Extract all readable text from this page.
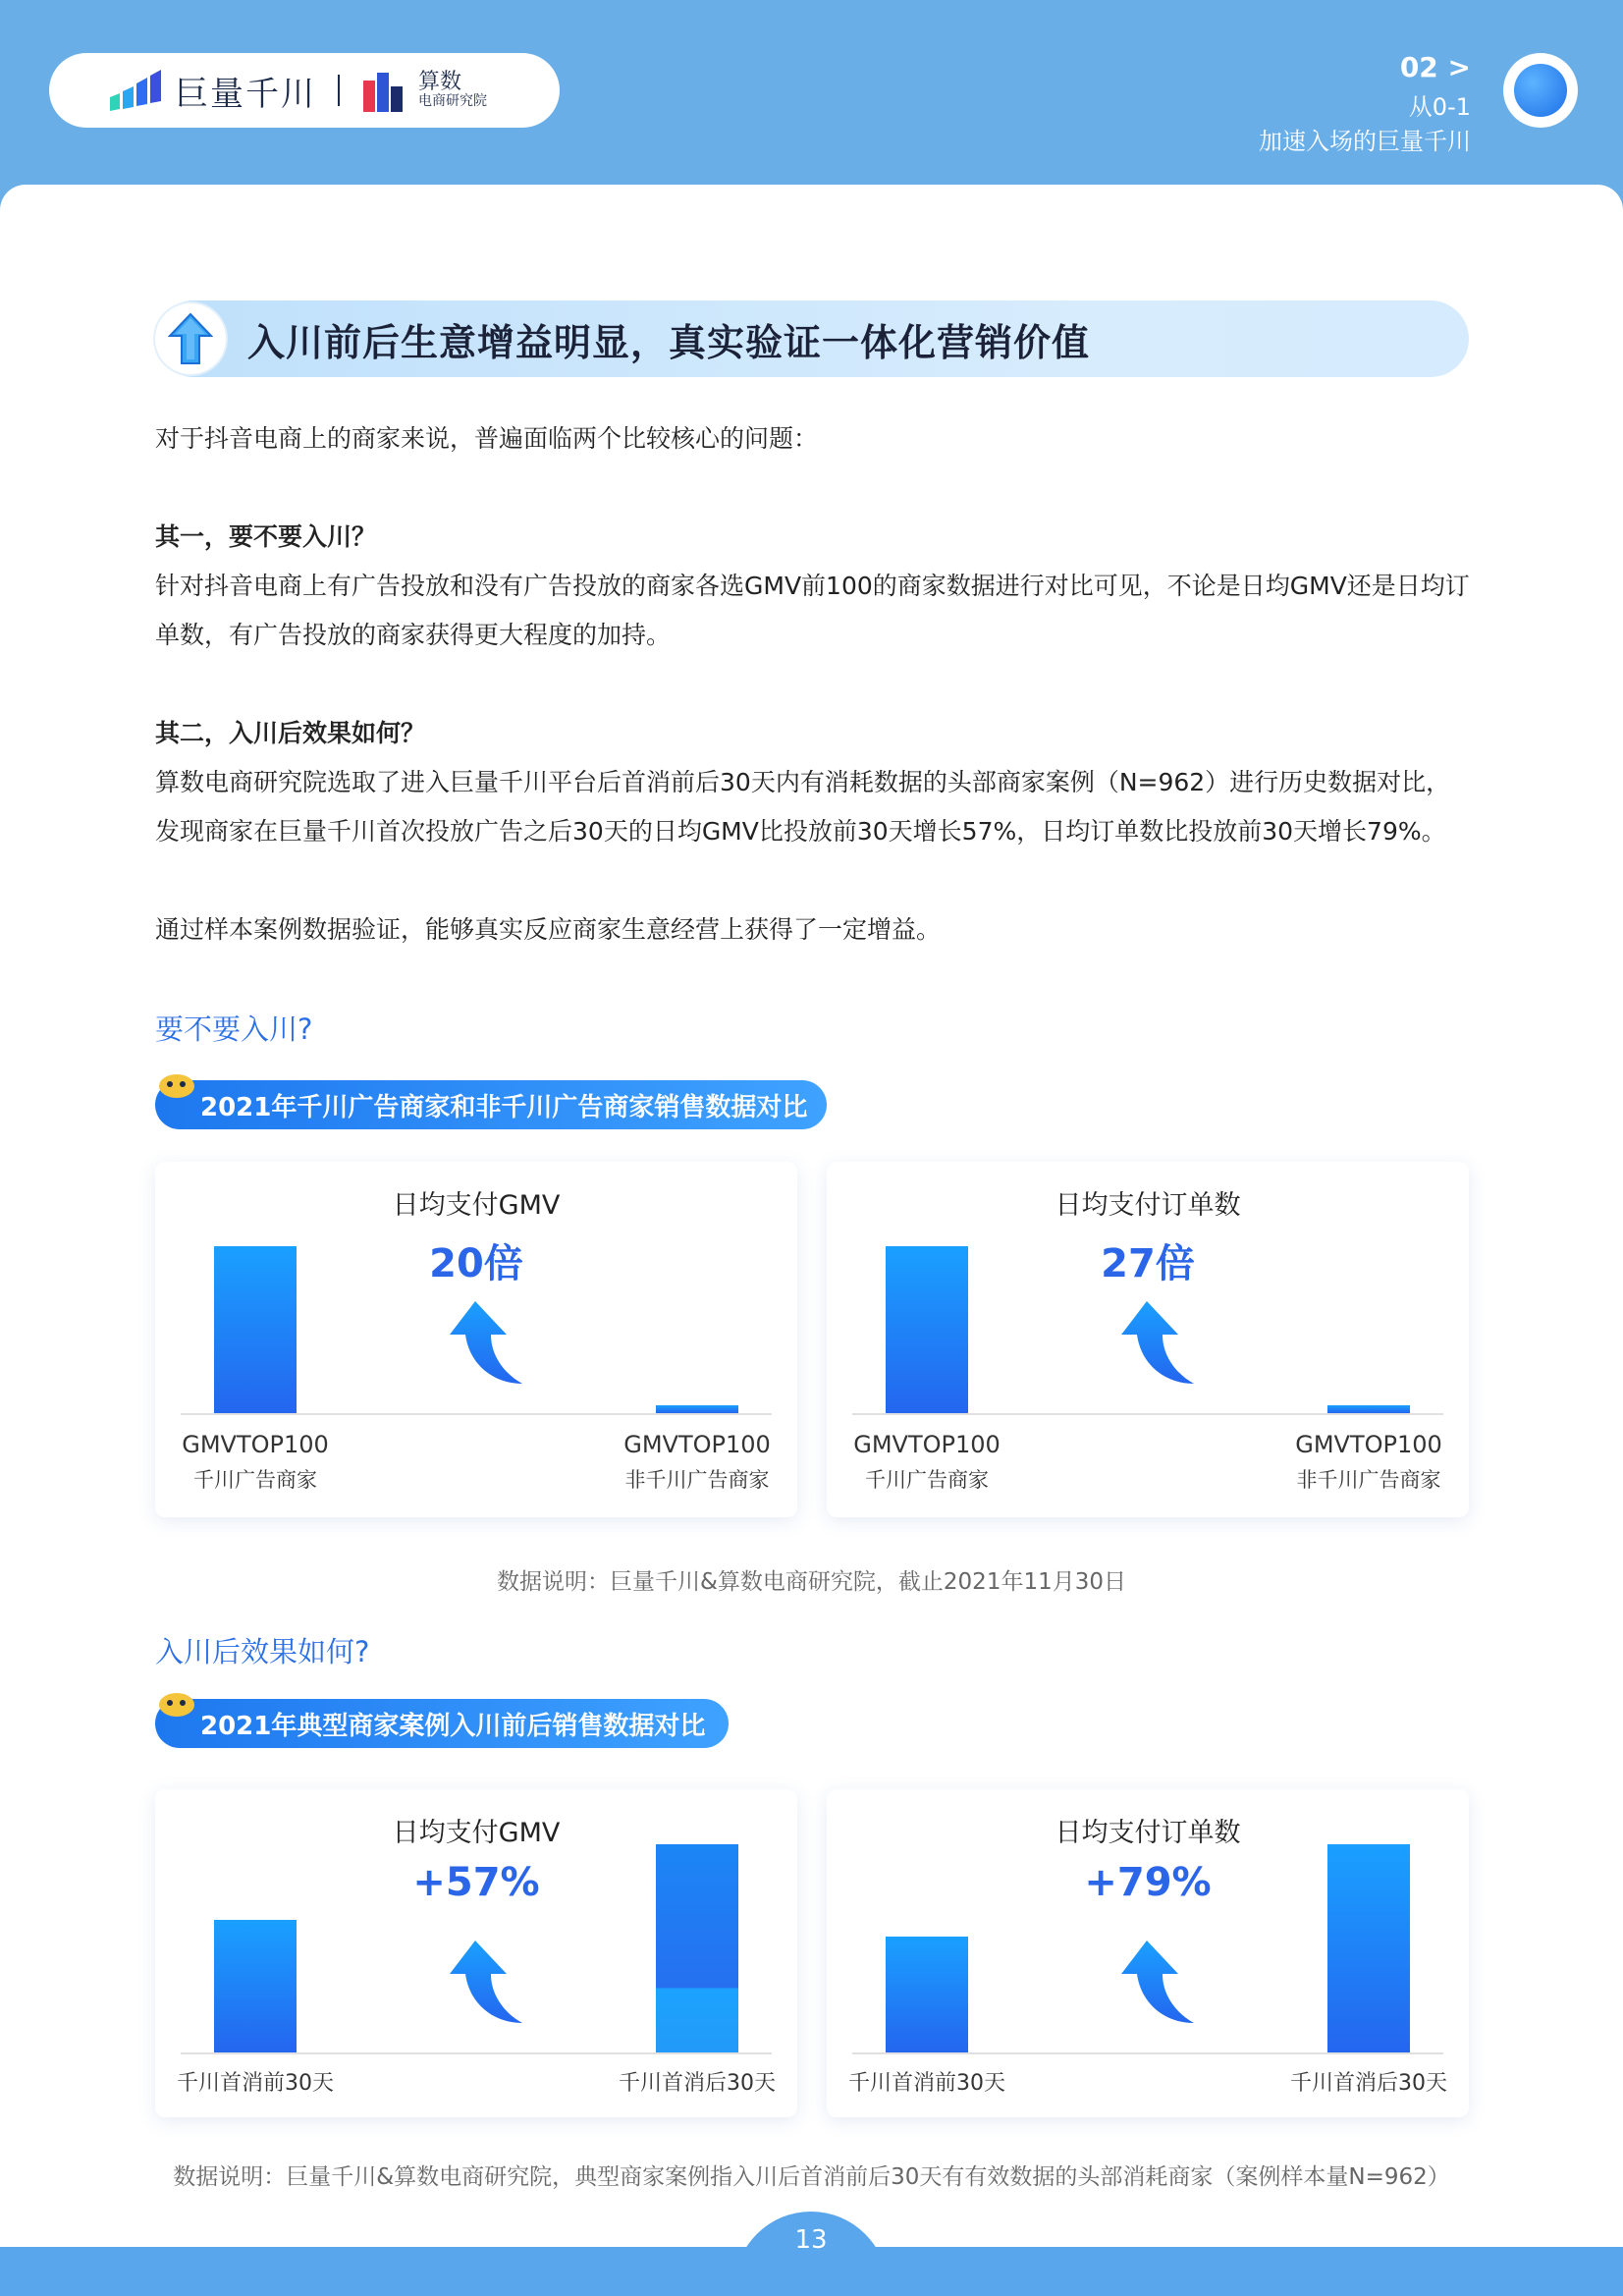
巨量千川	算数
电商研究院
02 >
从0-1
加速入场的巨量千川
入川前后生意增益明显，真实验证一体化营销价值
对于抖音电商上的商家来说，普遍面临两个比较核心的问题：
其一，要不要入川？
针对抖音电商上有广告投放和没有广告投放的商家各选GMV前100的商家数据进行对比可见，不论是日均GMV还是日均订单数，有广告投放的商家获得更大程度的加持。
其二，入川后效果如何？
算数电商研究院选取了进入巨量千川平台后首消前后30天内有消耗数据的头部商家案例（N=962）进行历史数据对比，
发现商家在巨量千川首次投放广告之后30天的日均GMV比投放前30天增长57%，日均订单数比投放前30天增长79%。
通过样本案例数据验证，能够真实反应商家生意经营上获得了一定增益。
要不要入川?
2021年千川广告商家和非千川广告商家销售数据对比
日均支付GMV
20倍
GMVTOP100
千川广告商家
GMVTOP100
非千川广告商家
日均支付订单数
27倍
GMVTOP100
千川广告商家
GMVTOP100
非千川广告商家
数据说明：巨量千川&算数电商研究院，截止2021年11月30日
入川后效果如何?
2021年典型商家案例入川前后销售数据对比
日均支付GMV
+57%
千川首消前30天	千川首消后30天
日均支付订单数
+79%
千川首消前30天	千川首消后30天
数据说明：巨量千川&算数电商研究院，典型商家案例指入川后首消前后30天有有效数据的头部消耗商家（案例样本量N=962）
13
